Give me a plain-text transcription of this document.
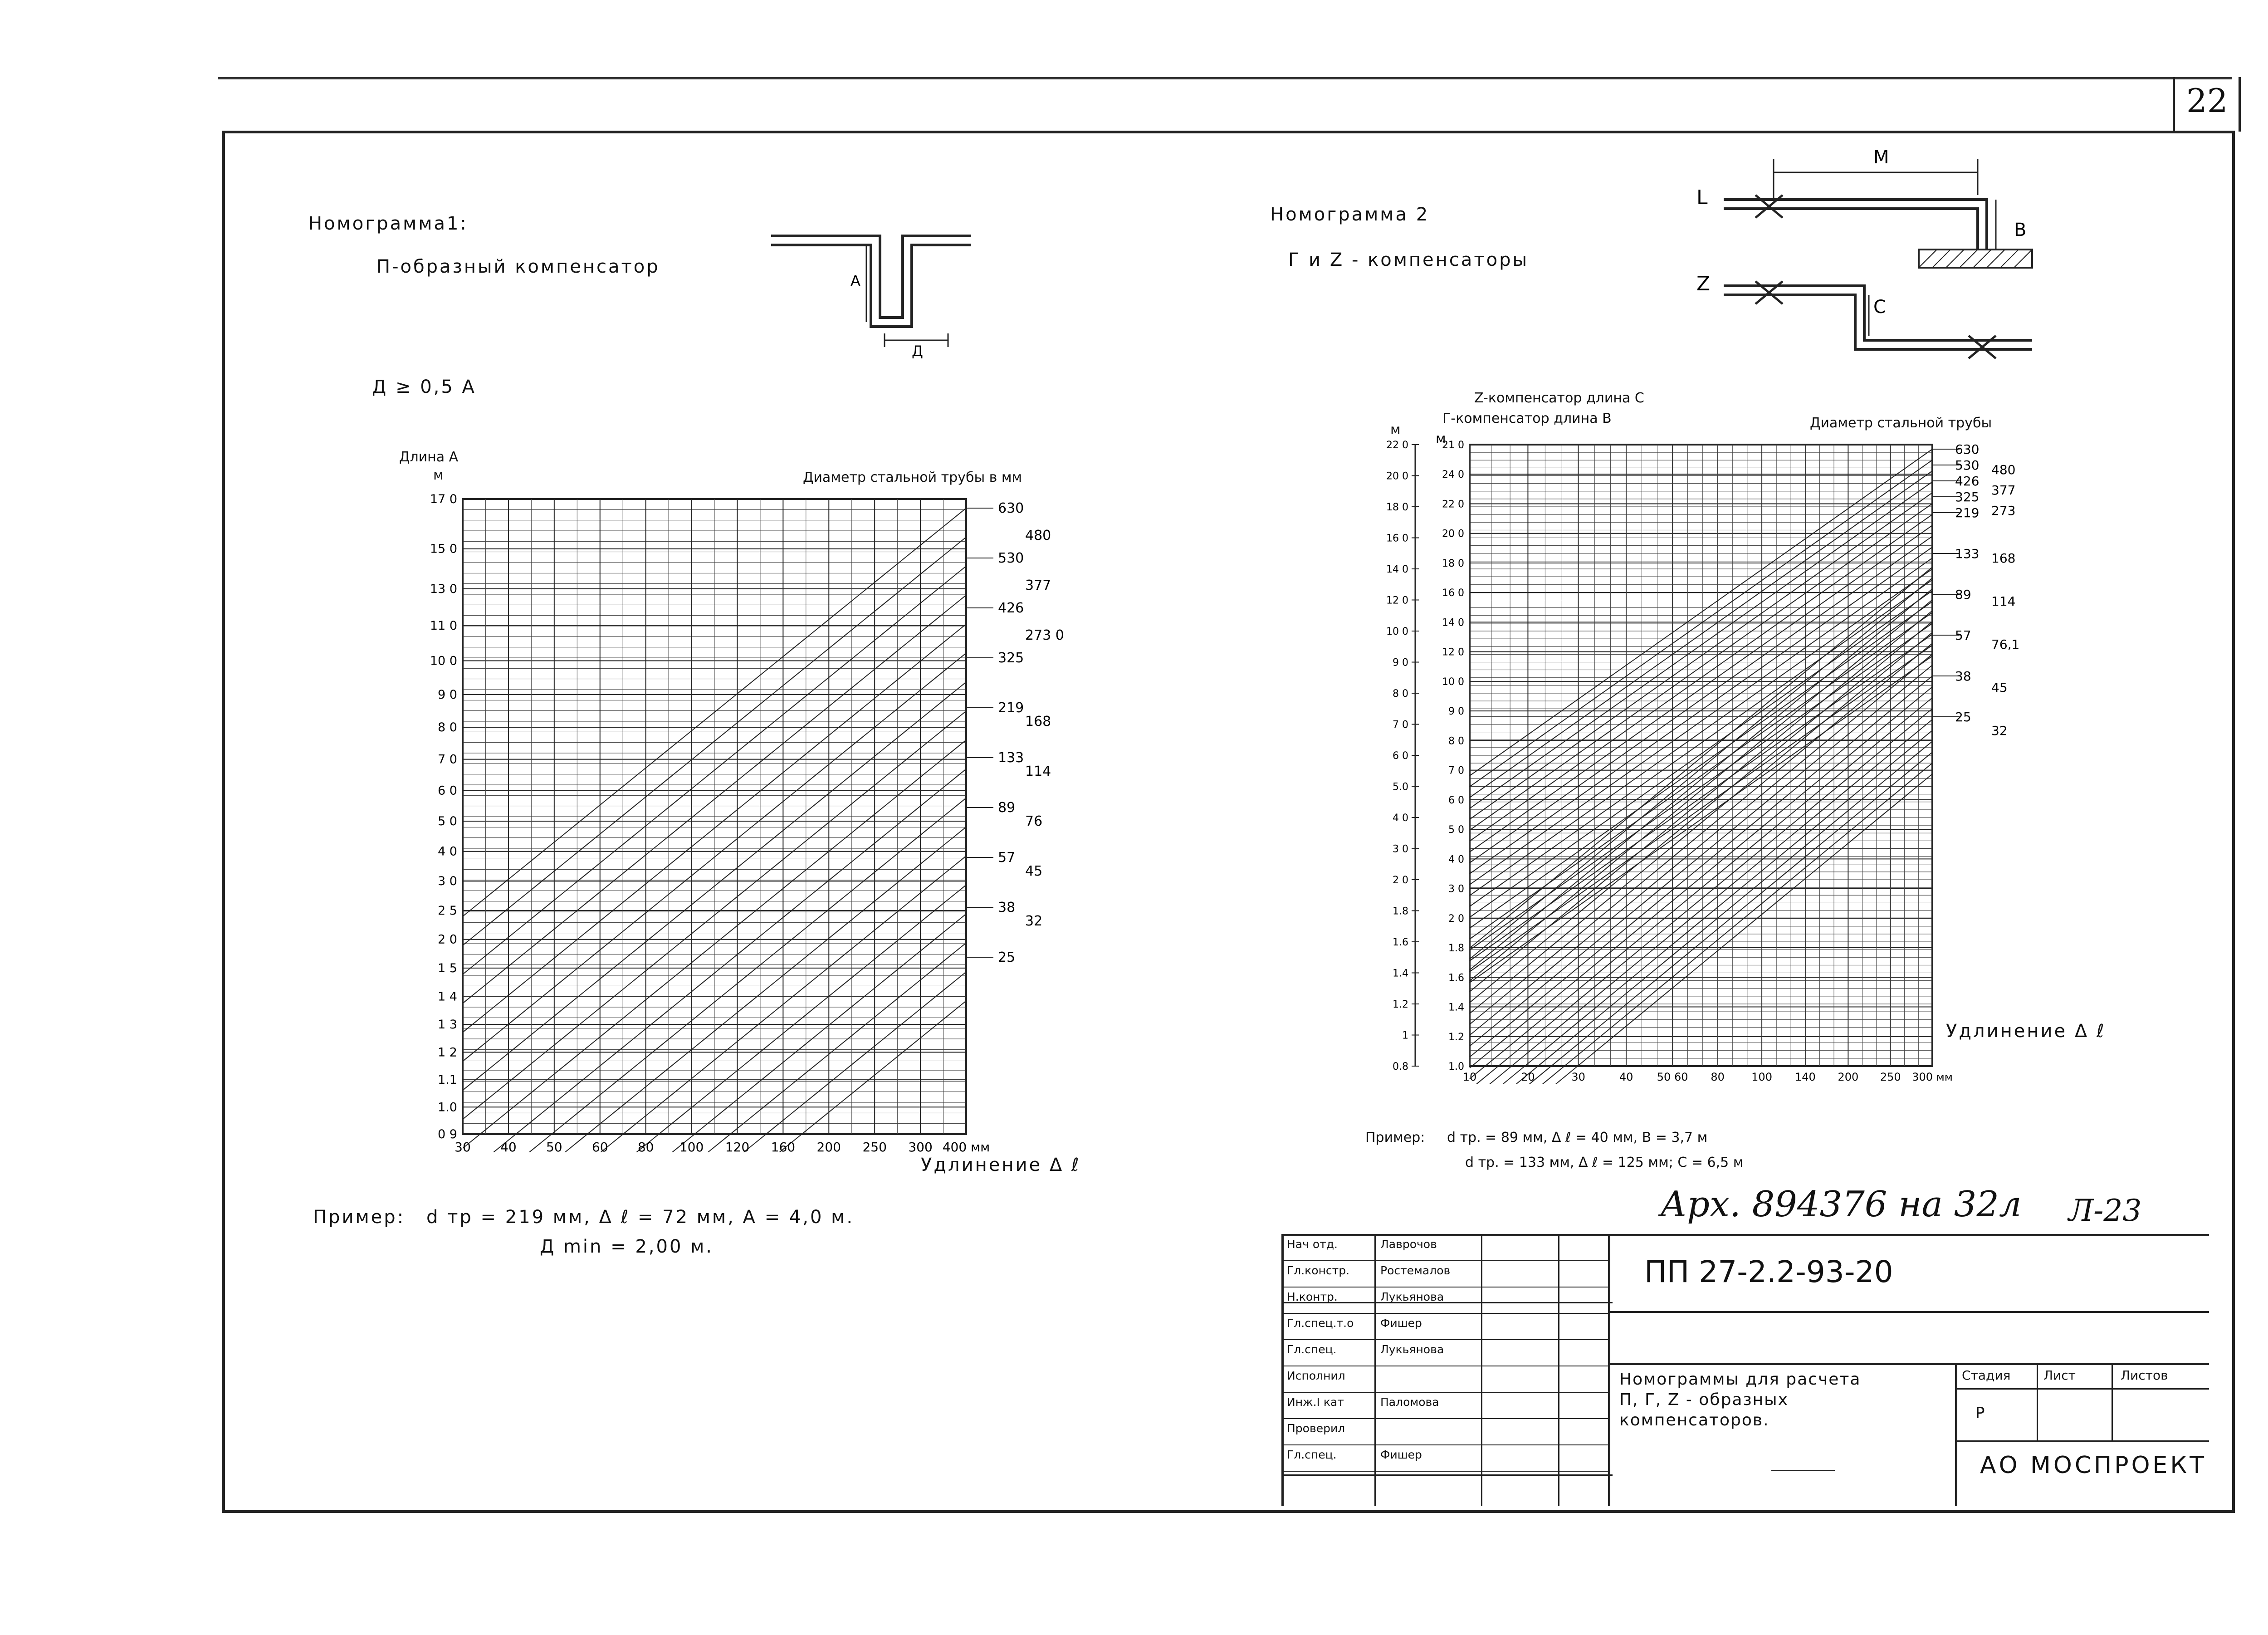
22
Номограмма1:
П-образный компенсатор
А
Д
Д ≥ 0,5 А
Длина А
м	Диаметр стальной трубы в мм
Удлинение Δ ℓ
17 0
15 0
13 0
11 0
10 0
9 0
8 0
7 0
6 0
5 0
4 0
3 0
2 5
2 0
1 5
1 4
1 3
1 2
1.1
1.0
0 9
30 40 50 60 80 100 120 160 200 250 300 400 мм
630
530
426
325
219
133
89
57
38
25
480
377
273 0
168
114
76
45
32
Пример: d тр = 219 мм, Δ ℓ = 72 мм, А = 4,0 м.
Д min = 2,00 м.
Номограмма 2
Г и Z - компенсаторы
L
Z
М
В
С
Z-компенсатор длина С
Г-компенсатор длина В
м
м
Диаметр стальной трубы
Удлинение Δ ℓ
22 0
20 0
18 0
16 0
14 0
12 0
10 0
9 0
8 0
7 0
6 0
5.0
4 0
3 0
2 0
1.8
1.6
1.4
1.2
1
0.8
21 0
24 0
22 0
20 0
18 0
16 0
14 0
12 0
10 0
9 0
8 0
7 0
6 0
5 0
4 0
3 0
2 0
1.8
1.6
1.4
1.2
1.0
10	20	30	40 50 60 80 100 140 200 250 300 мм
630
530
426
325
219
133
89
57
38
25
480
377
273
168
114
76,1
45
32
Пример: d тр. = 89 мм, Δ ℓ = 40 мм, В = 3,7 м
d тр. = 133 мм, Δ ℓ = 125 мм; С = 6,5 м
Арх. 894376 на 32л Л-23
Нач отд.	Лаврочов
Гл.констр.	Ростемалов
Н.контр.	Лукьянова
Гл.спец.т.о Фишер
Гл.спец.	Лукьянова
Исполнил
Инж.I кат	Паломова
Проверил
Гл.спец.	Фишер
ПП 27-2.2-93-20
Номограммы для расчета
П, Г, Z - образных
компенсаторов.
Стадия	Лист	Листов
Р
АО МОСПРОЕКТ
